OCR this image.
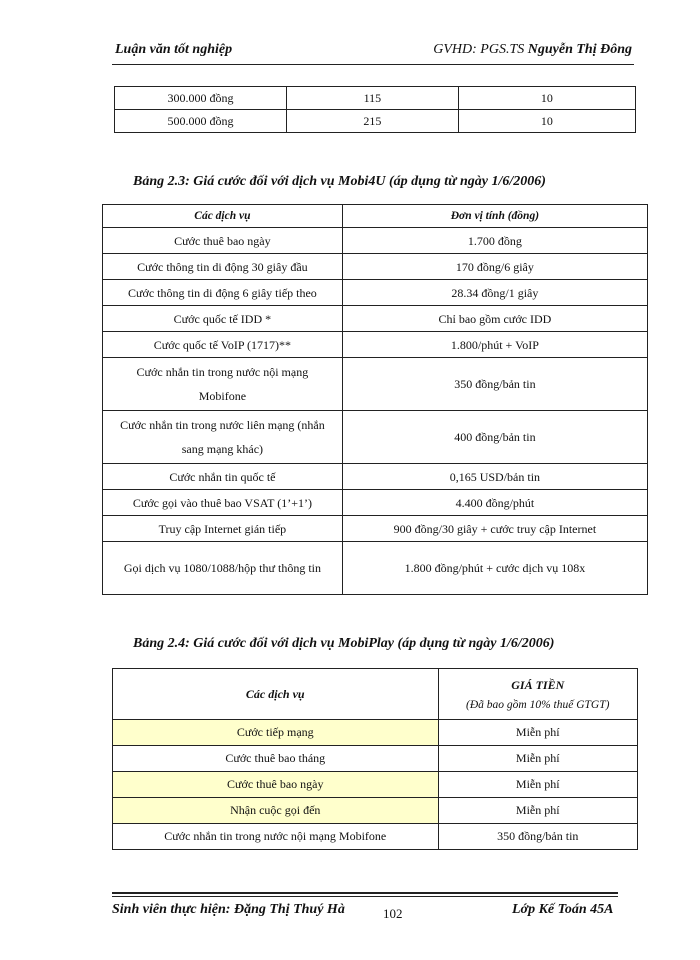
Luận văn tốt nghiệp	GVHD: PGS.TS Nguyễn Thị Đông
300.000 đồng	115	10
500.000 đồng	215	10
Bảng 2.3: Giá cước đối với dịch vụ Mobi4U (áp dụng từ ngày 1/6/2006)
Các dịch vụ	Đơn vị tính (đồng)
Cước thuê bao ngày	1.700 đồng
Cước thông tin di động 30 giây đầu	170 đồng/6 giây
Cước thông tin di động 6 giây tiếp theo	28.34 đồng/1 giây
Cước quốc tế IDD *	Chỉ bao gồm cước IDD
Cước quốc tế VoIP (1717)**	1.800/phút + VoIP
Cước nhắn tin trong nước nội mạng Mobifone	350 đồng/bản tin
Cước nhắn tin trong nước liên mạng (nhắn sang mạng khác)	400 đồng/bản tin
Cước nhắn tin quốc tế	0,165 USD/bản tin
Cước gọi vào thuê bao VSAT (1’+1’)	4.400 đồng/phút
Truy cập Internet gián tiếp	900 đồng/30 giây + cước truy cập Internet
Gọi dịch vụ 1080/1088/hộp thư thông tin	1.800 đồng/phút + cước dịch vụ 108x
Bảng 2.4: Giá cước đối với dịch vụ MobiPlay (áp dụng từ ngày 1/6/2006)
Các dịch vụ	GIÁ TIỀN
(Đã bao gồm 10% thuế GTGT)

Cước tiếp mạng	Miễn phí
Cước thuê bao tháng	Miễn phí
Cước thuê bao ngày	Miễn phí
Nhận cuộc gọi đến	Miễn phí
Cước nhắn tin trong nước nội mạng Mobifone	350 đồng/bản tin
Sinh viên thực hiện: Đặng Thị Thuý Hà	102	Lớp Kế Toán 45A
